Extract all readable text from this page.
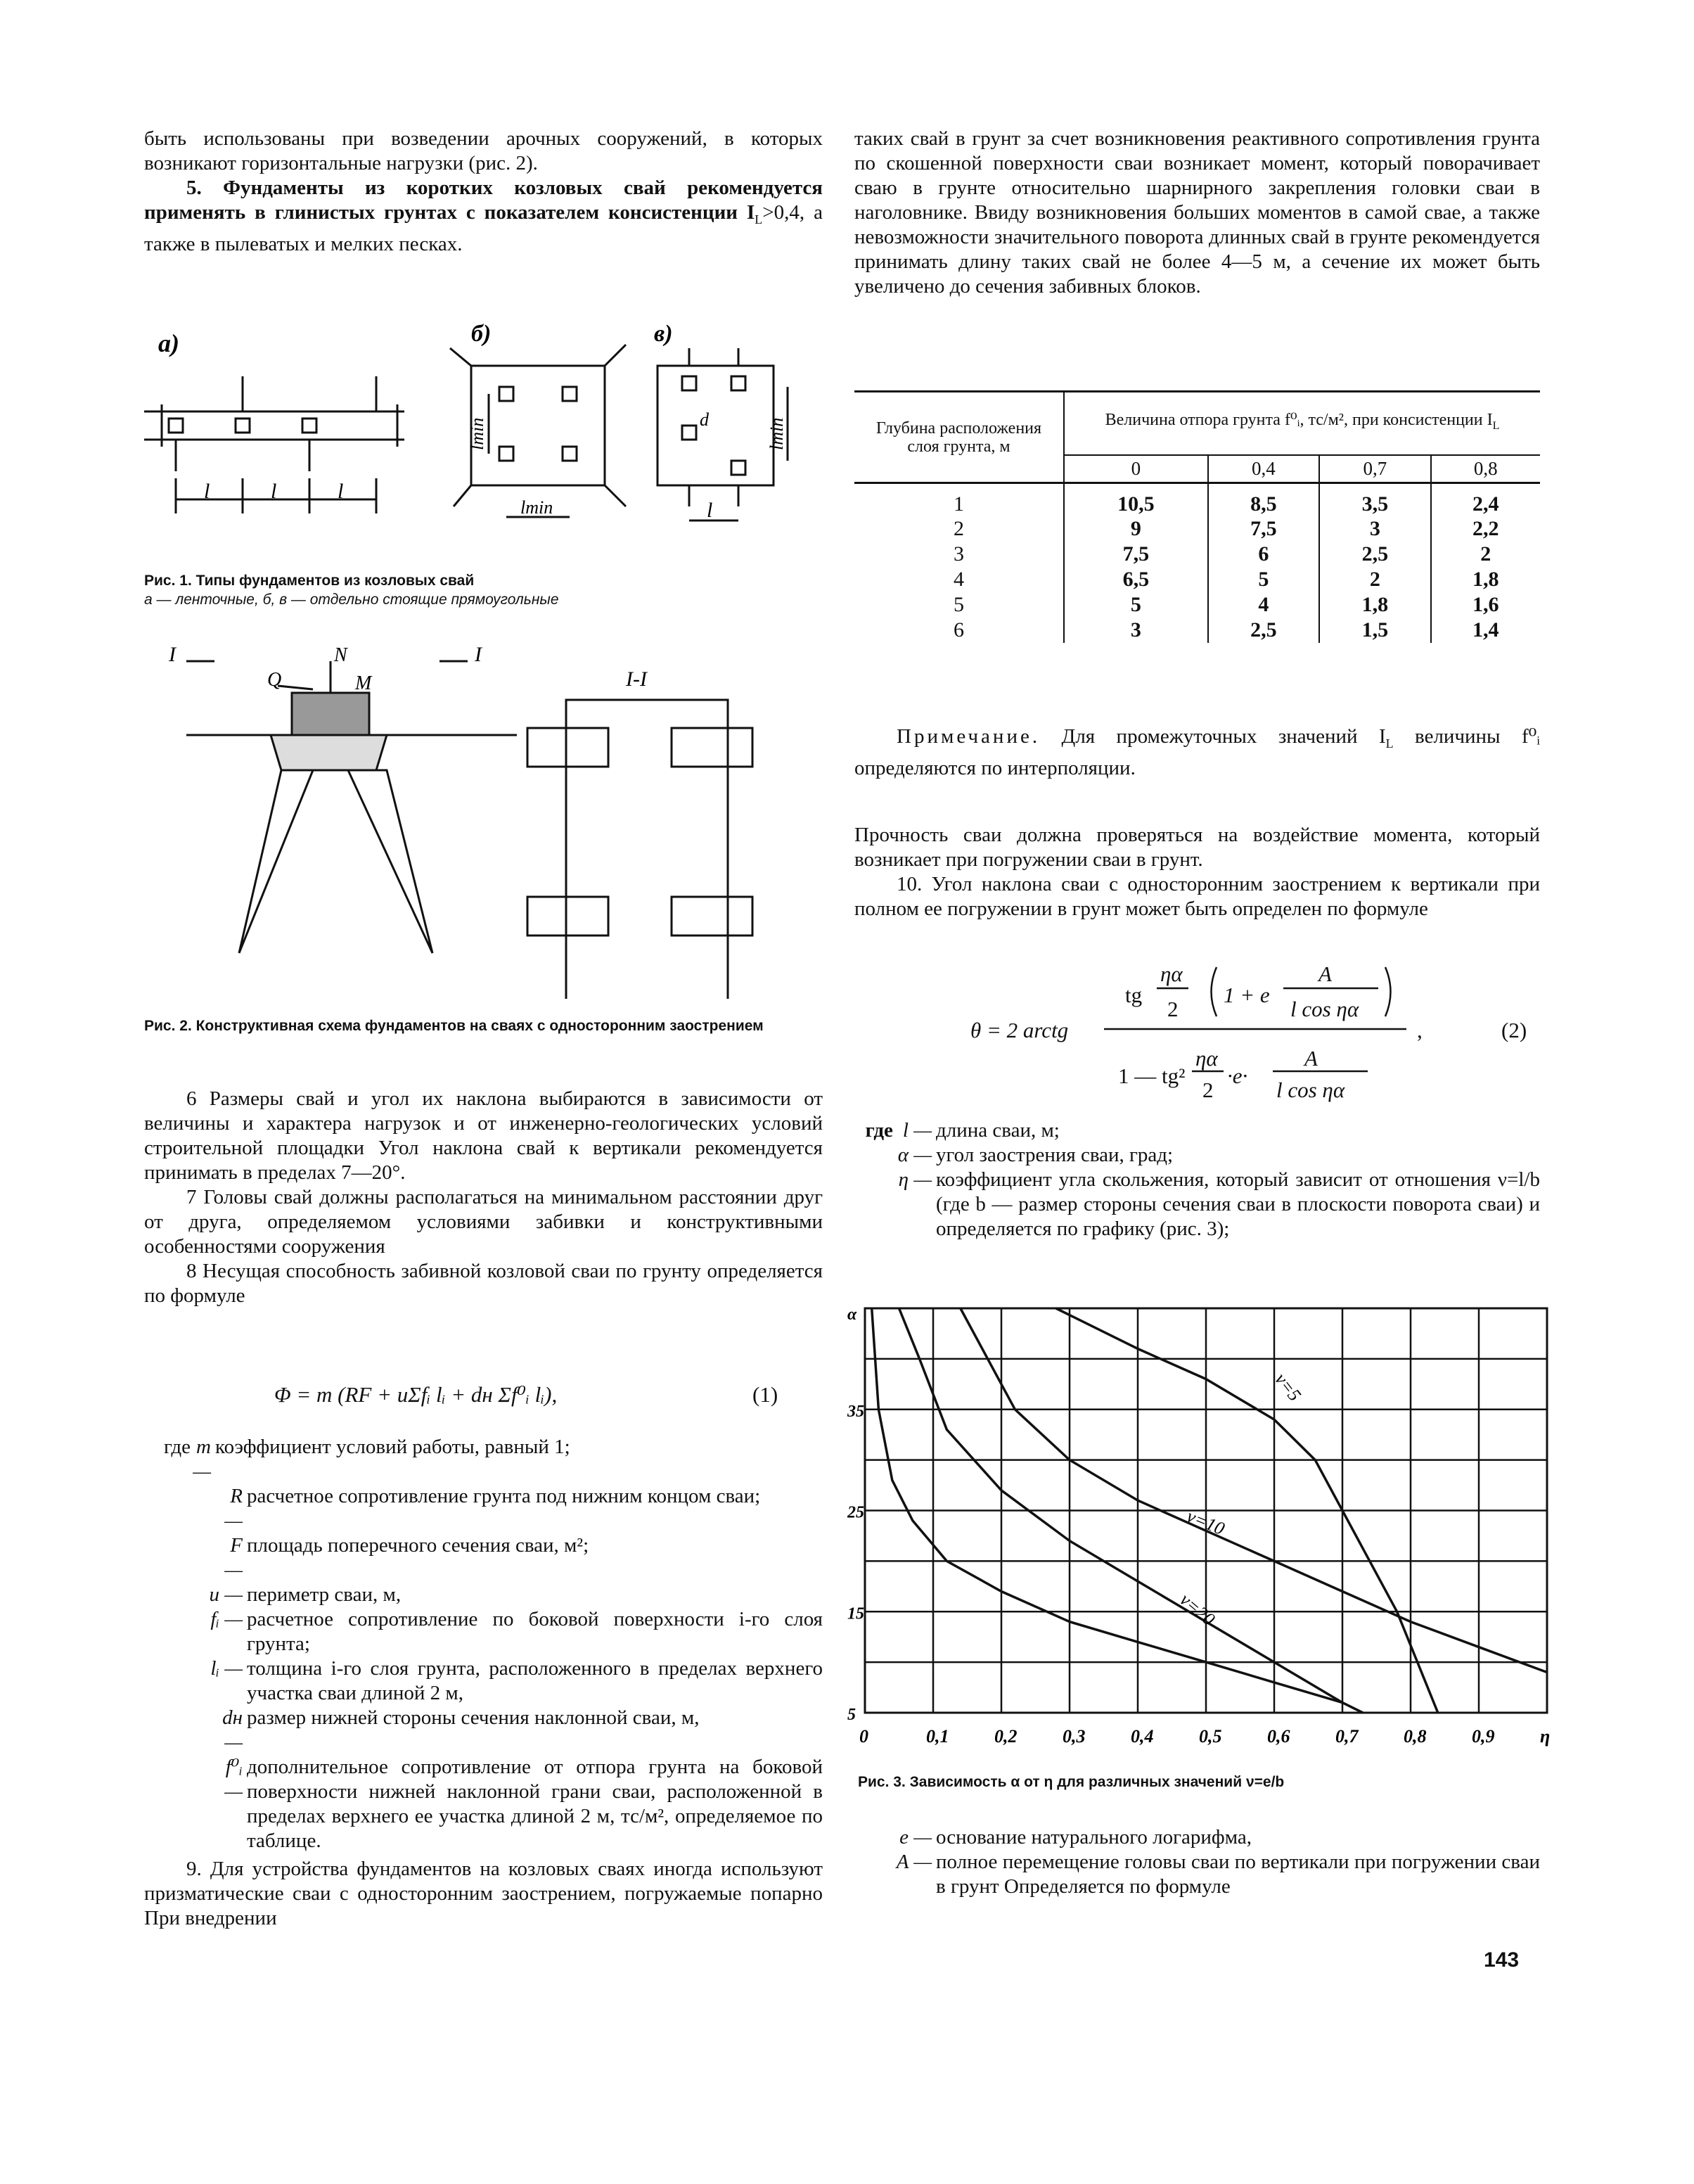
быть использованы при возведении арочных сооружений, в которых возникают горизонтальные нагрузки (рис. 2).

5. Фундаменты из коротких козловых свай рекомендуется применять в глинистых грунтах с показателем консистенции $I_L>0,4$, а также в пылеватых и мелких песках.

а)	б)	в)
l	l	l
lmin
lmin	lmin
d
l
Рис. 1. Типы фундаментов из козловых свай
а — ленточные, б, в — отдельно стоящие прямоугольные
I	I
Q
N
M	I-I
Рис. 2. Конструктивная схема фундаментов на сваях с односторонним заострением

6 Размеры свай и угол их наклона выбираются в зависимости от величины и характера нагрузок и от инженерно-геологических условий строительной площадки Угол наклона свай к вертикали рекомендуется принимать в пределах 7—20°.

7 Головы свай должны располагаться на минимальном расстоянии друг от друга, определяемом условиями забивки и конструктивными особенностями сооружения

8 Несущая способность забивной козловой сваи по грунту определяется по формуле

Φ = m (RF + uΣfᵢ lᵢ + dн Σf⁰ᵢ lᵢ),	(1)
где m —
коэффициент условий работы, равный 1;
R —
расчетное сопротивление грунта под нижним концом сваи;
F —
площадь поперечного сечения сваи, м²;
u — периметр сваи, м,
fᵢ — расчетное сопротивление по боковой поверхности i-го слоя грунта;
lᵢ — толщина i-го слоя грунта, расположенного в пределах верхнего участка сваи длиной 2 м,
dн —
размер нижней стороны сечения наклонной сваи, м,
f⁰ᵢ —
дополнительное сопротивление от отпора грунта на боковой поверхности нижней наклонной грани сваи, расположенной в пределах верхнего ее участка длиной 2 м, тс/м², определяемое по таблице.

9. Для устройства фундаментов на козловых сваях иногда используют призматические сваи с односторонним заострением, погружаемые попарно При внедрении

таких свай в грунт за счет возникновения реактивного сопротивления грунта по скошенной поверхности сваи возникает момент, который поворачивает сваю в грунте относительно шарнирного закрепления головки сваи в наголовнике. Ввиду возникновения больших моментов в самой свае, а также невозможности значительного поворота длинных свай в грунте рекомендуется принимать длину таких свай не более 4—5 м, а сечение их может быть увеличено до сечения забивных блоков.

Глубина расположения слоя грунта, м	Величина отпора грунта f⁰ᵢ, тс/м², при консистенции $I_L$
	0	0,4	0,7	0,8
1	10,5	8,5	3,5	2,4
2	9	7,5	3	2,2
3	7,5	6	2,5	2
4	6,5	5	2	1,8
5	5	4	1,8	1,6
6	3	2,5	1,5	1,4

Примечание. Для промежуточных значений $I_L$ величины f⁰ᵢ определяются по интерполяции.

Прочность сваи должна проверяться на воздействие момента, который возникает при погружении сваи в грунт.

10. Угол наклона сваи с односторонним заострением к вертикали при полном ее погружении в грунт может быть определен по формуле

θ = 2 arctg
tg
ηα
2
1 + e
A
l cos ηα
1 — tg²
ηα
2
·e·
A
l cos ηα
,	(2)
где l — длина сваи, м;
α — угол заострения сваи, град;
η — коэффициент угла скольжения, который зависит от отношения ν=l/b (где b — размер стороны сечения сваи в плоскости поворота сваи) и определяется по графику (рис. 3);
0	0,1 0,2 0,3 0,4 0,5 0,6 0,7 0,8 0,9 η
5
15
25
35
α
ν=5
ν=10
ν=20
Рис. 3. Зависимость α от η для различных значений ν=e/b
e — основание натурального логарифма,
A — полное перемещение головы сваи по вертикали при погружении сваи в грунт Определяется по формуле
143
